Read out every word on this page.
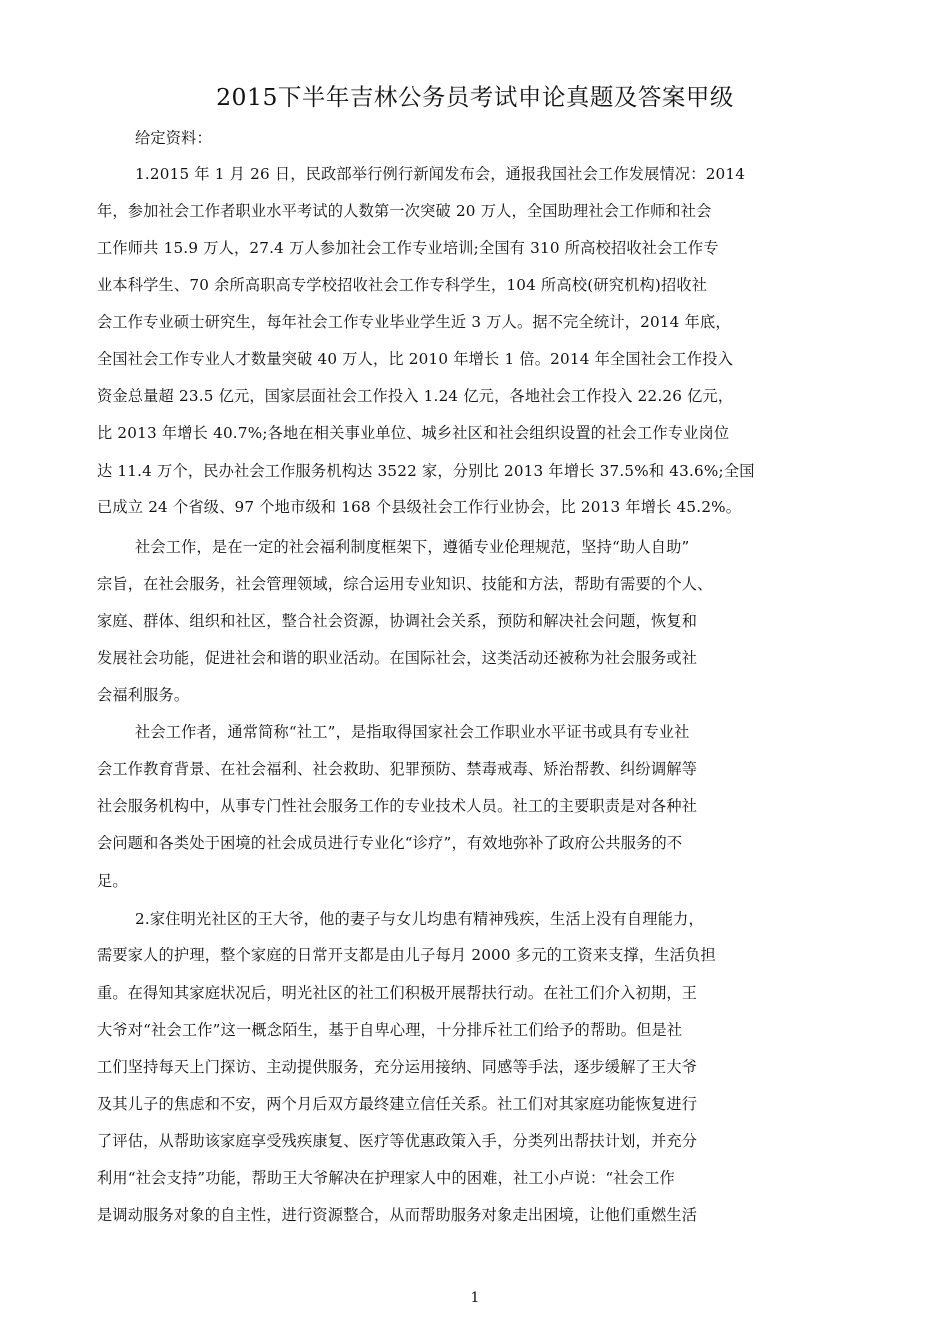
2015下半年吉林公务员考试申论真题及答案甲级
给定资料：
1.2015 年 1 月 26 日，民政部举行例行新闻发布会，通报我国社会工作发展情况：2014
年，参加社会工作者职业水平考试的人数第一次突破 20 万人，全国助理社会工作师和社会
工作师共 15.9 万人，27.4 万人参加社会工作专业培训;全国有 310 所高校招收社会工作专
业本科学生、70 余所高职高专学校招收社会工作专科学生，104 所高校(研究机构)招收社
会工作专业硕士研究生，每年社会工作专业毕业学生近 3 万人。据不完全统计，2014 年底，
全国社会工作专业人才数量突破 40 万人，比 2010 年增长 1 倍。2014 年全国社会工作投入
资金总量超 23.5 亿元，国家层面社会工作投入 1.24 亿元，各地社会工作投入 22.26 亿元，
比 2013 年增长 40.7%;各地在相关事业单位、城乡社区和社会组织设置的社会工作专业岗位
达 11.4 万个，民办社会工作服务机构达 3522 家，分别比 2013 年增长 37.5%和 43.6%;全国
已成立 24 个省级、97 个地市级和 168 个县级社会工作行业协会，比 2013 年增长 45.2%。
社会工作，是在一定的社会福利制度框架下，遵循专业伦理规范，坚持“助人自助”
宗旨，在社会服务，社会管理领域，综合运用专业知识、技能和方法，帮助有需要的个人、
家庭、群体、组织和社区，整合社会资源，协调社会关系，预防和解决社会问题，恢复和
发展社会功能，促进社会和谐的职业活动。在国际社会，这类活动还被称为社会服务或社
会福利服务。
社会工作者，通常简称“社工”，是指取得国家社会工作职业水平证书或具有专业社
会工作教育背景、在社会福利、社会救助、犯罪预防、禁毒戒毒、矫治帮教、纠纷调解等
社会服务机构中，从事专门性社会服务工作的专业技术人员。社工的主要职责是对各种社
会问题和各类处于困境的社会成员进行专业化“诊疗”，有效地弥补了政府公共服务的不
足。
2.家住明光社区的王大爷，他的妻子与女儿均患有精神残疾，生活上没有自理能力，
需要家人的护理，整个家庭的日常开支都是由儿子每月 2000 多元的工资来支撑，生活负担
重。在得知其家庭状况后，明光社区的社工们积极开展帮扶行动。在社工们介入初期，王
大爷对“社会工作”这一概念陌生，基于自卑心理，十分排斥社工们给予的帮助。但是社
工们坚持每天上门探访、主动提供服务，充分运用接纳、同感等手法，逐步缓解了王大爷
及其儿子的焦虑和不安，两个月后双方最终建立信任关系。社工们对其家庭功能恢复进行
了评估，从帮助该家庭享受残疾康复、医疗等优惠政策入手，分类列出帮扶计划，并充分
利用“社会支持”功能，帮助王大爷解决在护理家人中的困难，社工小卢说：“社会工作
是调动服务对象的自主性，进行资源整合，从而帮助服务对象走出困境，让他们重燃生活
1
